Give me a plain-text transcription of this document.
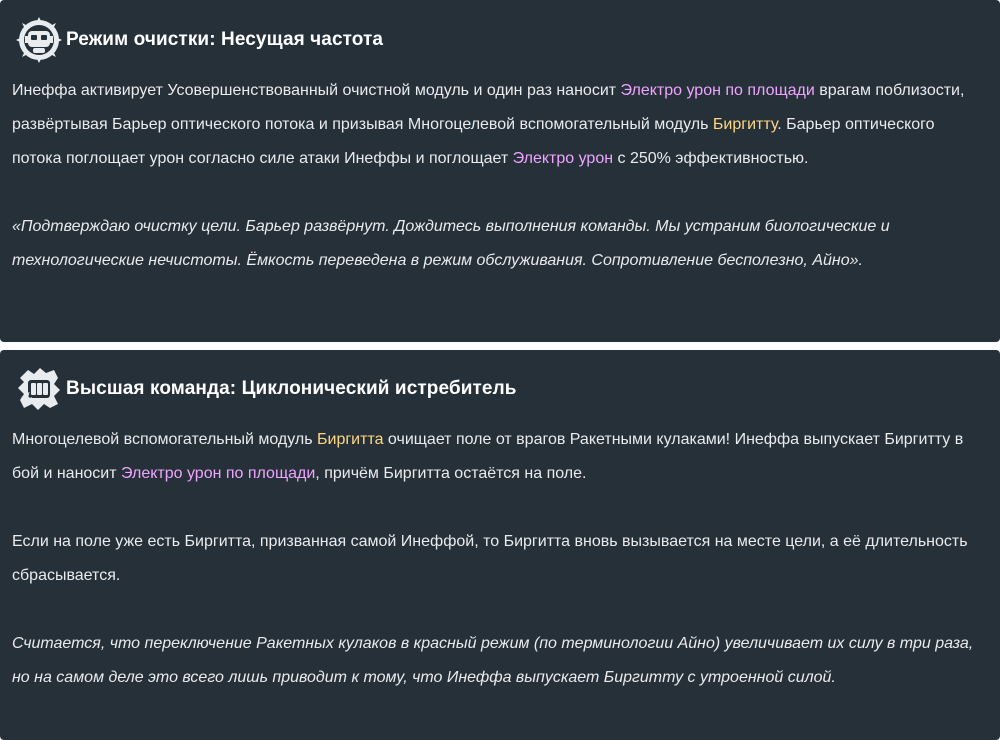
Режим очистки: Несущая частота

Инеффа активирует Усовершенствованный очистной модуль и один раз наносит Электро урон по площади врагам поблизости, развёртывая Барьер оптического потока и призывая Многоцелевой вспомогательный модуль Биргитту. Барьер оптического потока поглощает урон согласно силе атаки Инеффы и поглощает Электро урон с 250% эффективностью.

«Подтверждаю очистку цели. Барьер развёрнут. Дождитесь выполнения команды. Мы устраним биологические и технологические нечистоты. Ёмкость переведена в режим обслуживания. Сопротивление бесполезно, Айно».

Высшая команда: Циклонический истребитель

Многоцелевой вспомогательный модуль Биргитта очищает поле от врагов Ракетными кулаками! Инеффа выпускает Биргитту в бой и наносит Электро урон по площади, причём Биргитта остаётся на поле.

Если на поле уже есть Биргитта, призванная самой Инеффой, то Биргитта вновь вызывается на месте цели, а её длительность сбрасывается.

Считается, что переключение Ракетных кулаков в красный режим (по терминологии Айно) увеличивает их силу в три раза, но на самом деле это всего лишь приводит к тому, что Инеффа выпускает Биргитту с утроенной силой.
